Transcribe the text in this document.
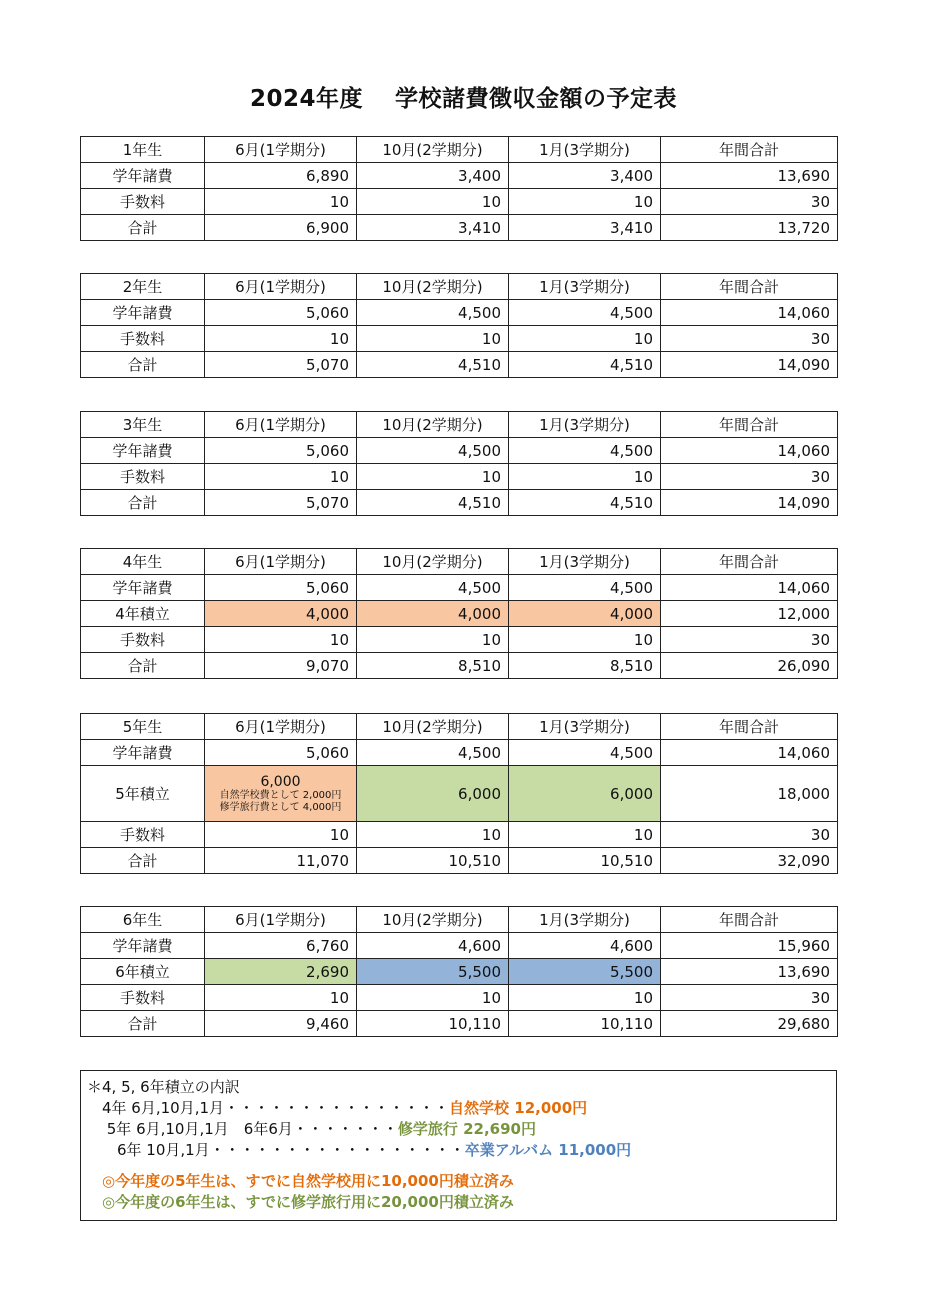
2024年度　 学校諸費徴収金額の予定表
1年生	6月(1学期分)	10月(2学期分)	1月(3学期分)	年間合計
学年諸費	6,890	3,400	3,400	13,690
手数料	10	10	10	30
合計	6,900	3,410	3,410	13,720
2年生	6月(1学期分)	10月(2学期分)	1月(3学期分)	年間合計
学年諸費	5,060	4,500	4,500	14,060
手数料	10	10	10	30
合計	5,070	4,510	4,510	14,090
3年生	6月(1学期分)	10月(2学期分)	1月(3学期分)	年間合計
学年諸費	5,060	4,500	4,500	14,060
手数料	10	10	10	30
合計	5,070	4,510	4,510	14,090
4年生	6月(1学期分)	10月(2学期分)	1月(3学期分)	年間合計
学年諸費	5,060	4,500	4,500	14,060
4年積立	4,000	4,000	4,000	12,000
手数料	10	10	10	30
合計	9,070	8,510	8,510	26,090
5年生	6月(1学期分)	10月(2学期分)	1月(3学期分)	年間合計
学年諸費	5,060	4,500	4,500	14,060
5年積立	6,000
自然学校費として 2,000円
修学旅行費として 4,000円	6,000	6,000	18,000
手数料	10	10	10	30
合計	11,070	10,510	10,510	32,090
6年生	6月(1学期分)	10月(2学期分)	1月(3学期分)	年間合計
学年諸費	6,760	4,600	4,600	15,960
6年積立	2,690	5,500	5,500	13,690
手数料	10	10	10	30
合計	9,460	10,110	10,110	29,680
＊4, 5, 6年積立の内訳
　4年 6月,10月,1月・・・・・・・・・・・・・・・自然学校 12,000円
　 5年 6月,10月,1月　6年6月・・・・・・・修学旅行 22,690円
　　6年 10月,1月・・・・・・・・・・・・・・・・・卒業アルバム 11,000円
　◎今年度の5年生は、すでに自然学校用に10,000円積立済み
　◎今年度の6年生は、すでに修学旅行用に20,000円積立済み
